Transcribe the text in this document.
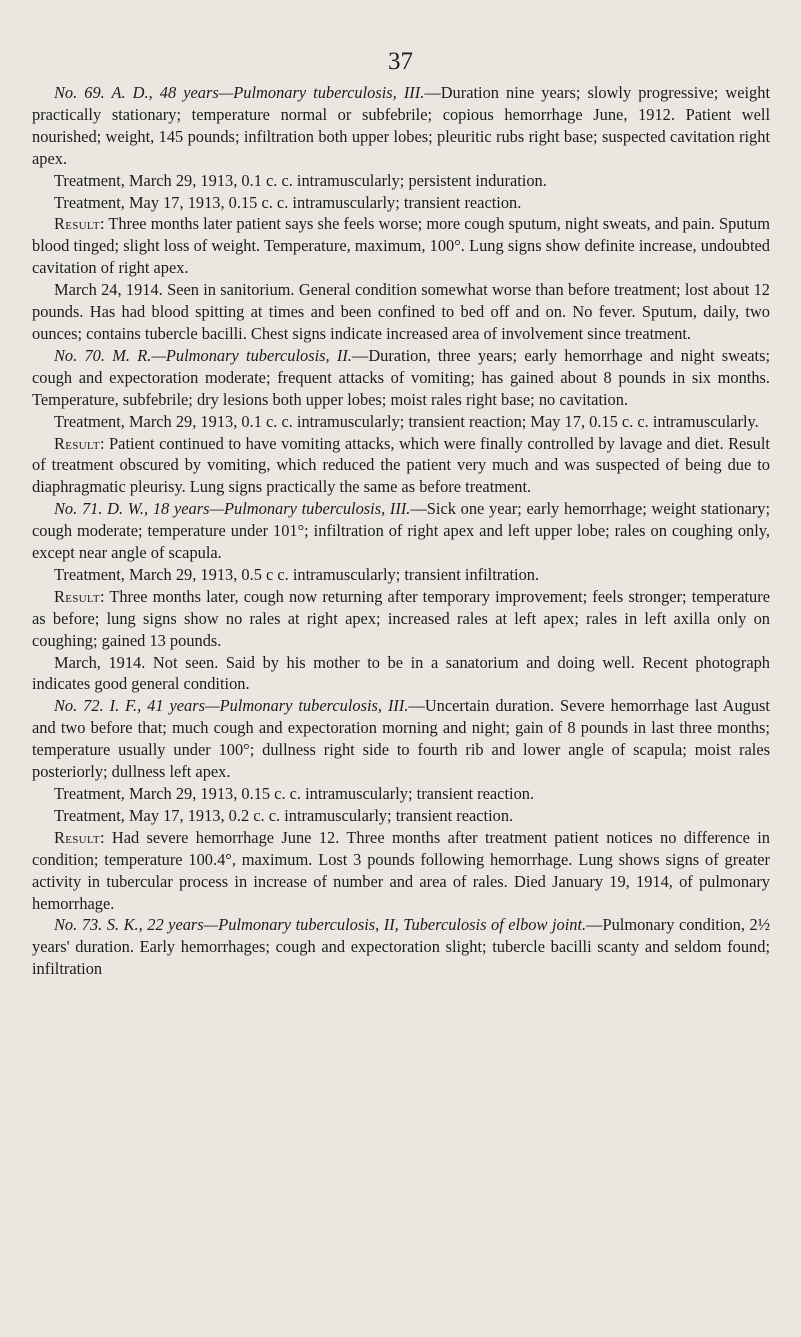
37

No. 69. A. D., 48 years—Pulmonary tuberculosis, III.—Duration nine years; slowly progressive; weight practically stationary; temperature normal or subfebrile; copious hemorrhage June, 1912. Patient well nourished; weight, 145 pounds; infiltration both upper lobes; pleuritic rubs right base; suspected cavitation right apex.

Treatment, March 29, 1913, 0.1 c. c. intramuscularly; persistent induration.

Treatment, May 17, 1913, 0.15 c. c. intramuscularly; transient reaction.

Result: Three months later patient says she feels worse; more cough sputum, night sweats, and pain. Sputum blood tinged; slight loss of weight. Temperature, maximum, 100°. Lung signs show definite increase, undoubted cavitation of right apex.

March 24, 1914. Seen in sanitorium. General condition somewhat worse than before treatment; lost about 12 pounds. Has had blood spitting at times and been confined to bed off and on. No fever. Sputum, daily, two ounces; contains tubercle bacilli. Chest signs indicate increased area of involvement since treatment.

No. 70. M. R.—Pulmonary tuberculosis, II.—Duration, three years; early hemorrhage and night sweats; cough and expectoration moderate; frequent attacks of vomiting; has gained about 8 pounds in six months. Temperature, subfebrile; dry lesions both upper lobes; moist rales right base; no cavitation.

Treatment, March 29, 1913, 0.1 c. c. intramuscularly; transient reaction; May 17, 0.15 c. c. intramuscularly.

Result: Patient continued to have vomiting attacks, which were finally controlled by lavage and diet. Result of treatment obscured by vomiting, which reduced the patient very much and was suspected of being due to diaphragmatic pleurisy. Lung signs practically the same as before treatment.

No. 71. D. W., 18 years—Pulmonary tuberculosis, III.—Sick one year; early hemorrhage; weight stationary; cough moderate; temperature under 101°; infiltration of right apex and left upper lobe; rales on coughing only, except near angle of scapula.

Treatment, March 29, 1913, 0.5 c c. intramuscularly; transient infiltration.

Result: Three months later, cough now returning after temporary improvement; feels stronger; temperature as before; lung signs show no rales at right apex; increased rales at left apex; rales in left axilla only on coughing; gained 13 pounds.

March, 1914. Not seen. Said by his mother to be in a sanatorium and doing well. Recent photograph indicates good general condition.

No. 72. I. F., 41 years—Pulmonary tuberculosis, III.—Uncertain duration. Severe hemorrhage last August and two before that; much cough and expectoration morning and night; gain of 8 pounds in last three months; temperature usually under 100°; dullness right side to fourth rib and lower angle of scapula; moist rales posteriorly; dullness left apex.

Treatment, March 29, 1913, 0.15 c. c. intramuscularly; transient reaction.

Treatment, May 17, 1913, 0.2 c. c. intramuscularly; transient reaction.

Result: Had severe hemorrhage June 12. Three months after treatment patient notices no difference in condition; temperature 100.4°, maximum. Lost 3 pounds following hemorrhage. Lung shows signs of greater activity in tubercular process in increase of number and area of rales. Died January 19, 1914, of pulmonary hemorrhage.

No. 73. S. K., 22 years—Pulmonary tuberculosis, II, Tuberculosis of elbow joint.—Pulmonary condition, 2½ years' duration. Early hemorrhages; cough and expectoration slight; tubercle bacilli scanty and seldom found; infiltration
